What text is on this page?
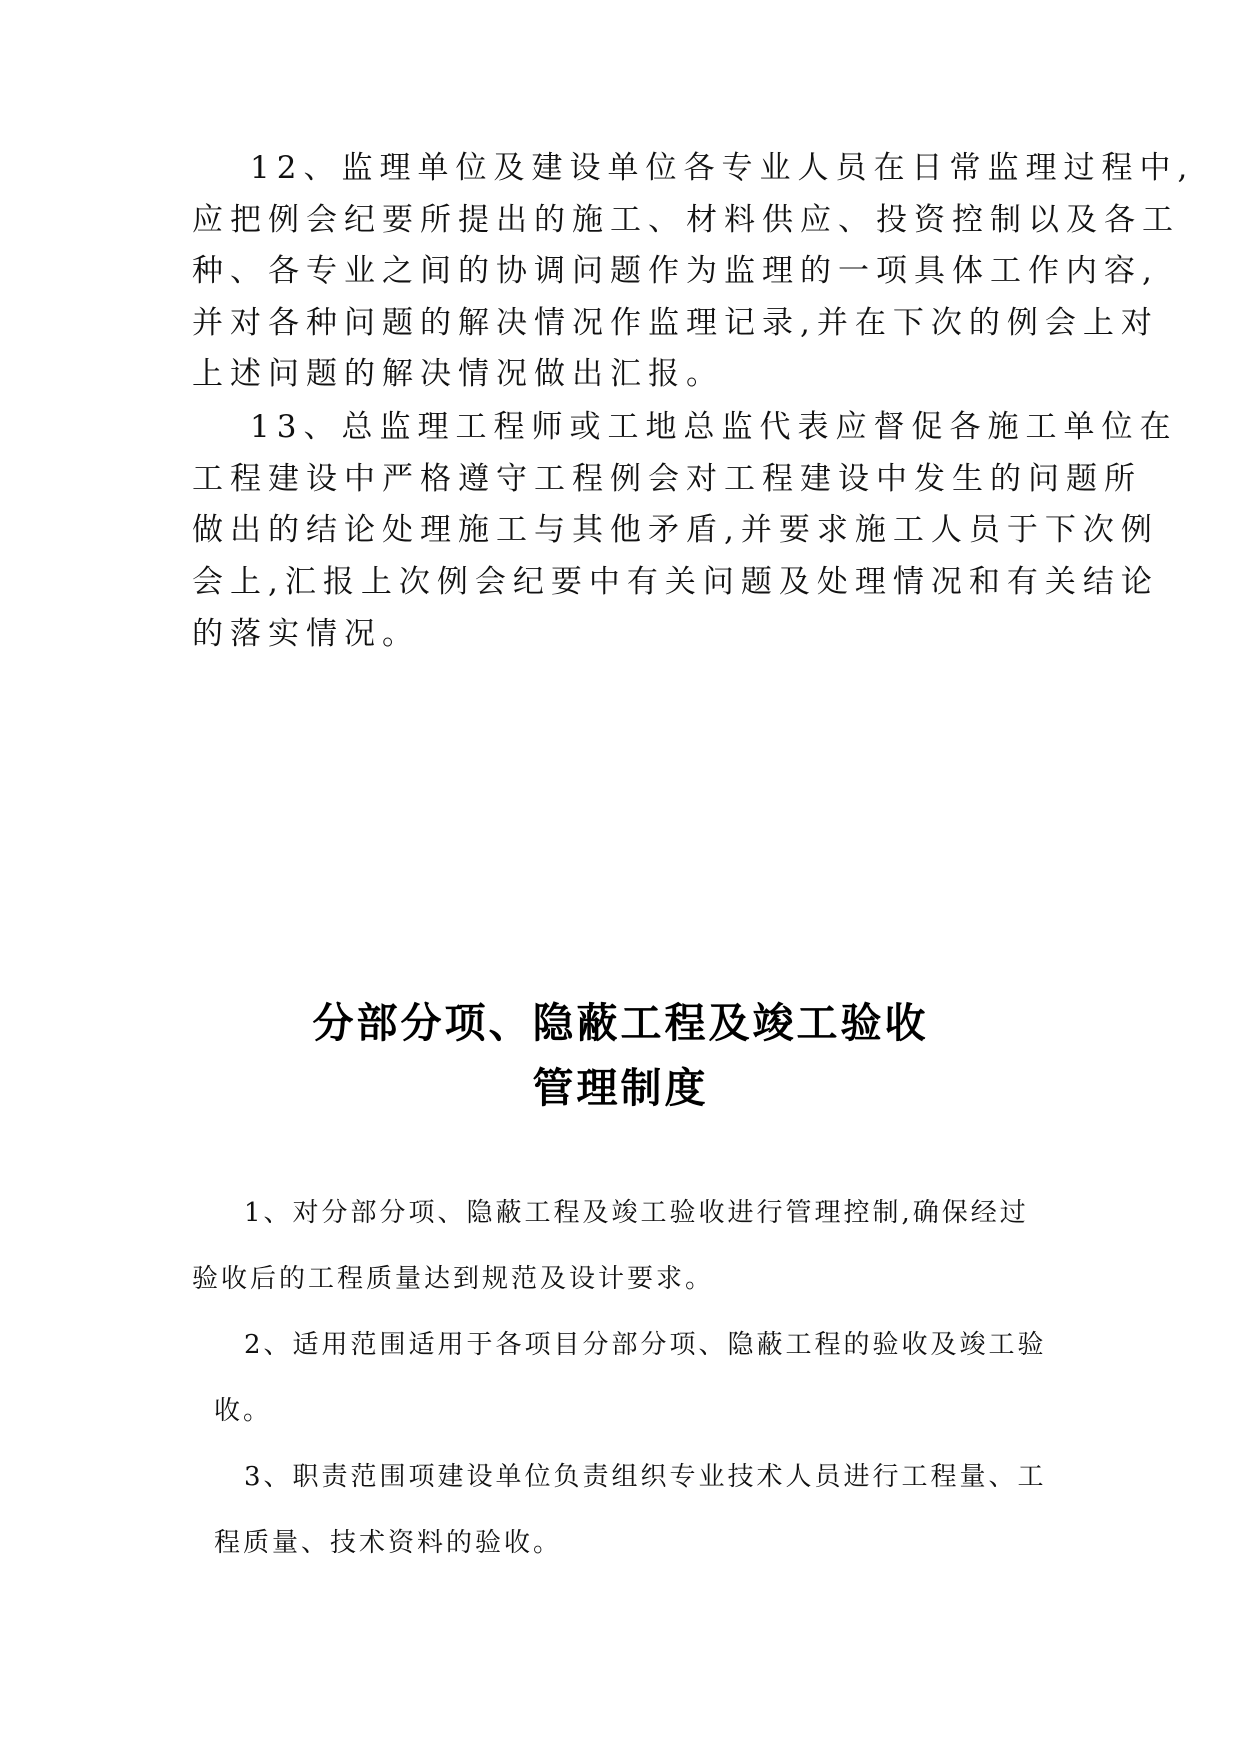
12、监理单位及建设单位各专业人员在日常监理过程中,
应把例会纪要所提出的施工、材料供应、投资控制以及各工
种、各专业之间的协调问题作为监理的一项具体工作内容,
并对各种问题的解决情况作监理记录,并在下次的例会上对
上述问题的解决情况做出汇报。
13、总监理工程师或工地总监代表应督促各施工单位在
工程建设中严格遵守工程例会对工程建设中发生的问题所
做出的结论处理施工与其他矛盾,并要求施工人员于下次例
会上,汇报上次例会纪要中有关问题及处理情况和有关结论
的落实情况。
分部分项、隐蔽工程及竣工验收
管理制度
1、对分部分项、隐蔽工程及竣工验收进行管理控制,确保经过
验收后的工程质量达到规范及设计要求。
2、适用范围适用于各项目分部分项、隐蔽工程的验收及竣工验
收。
3、职责范围项建设单位负责组织专业技术人员进行工程量、工
程质量、技术资料的验收。
